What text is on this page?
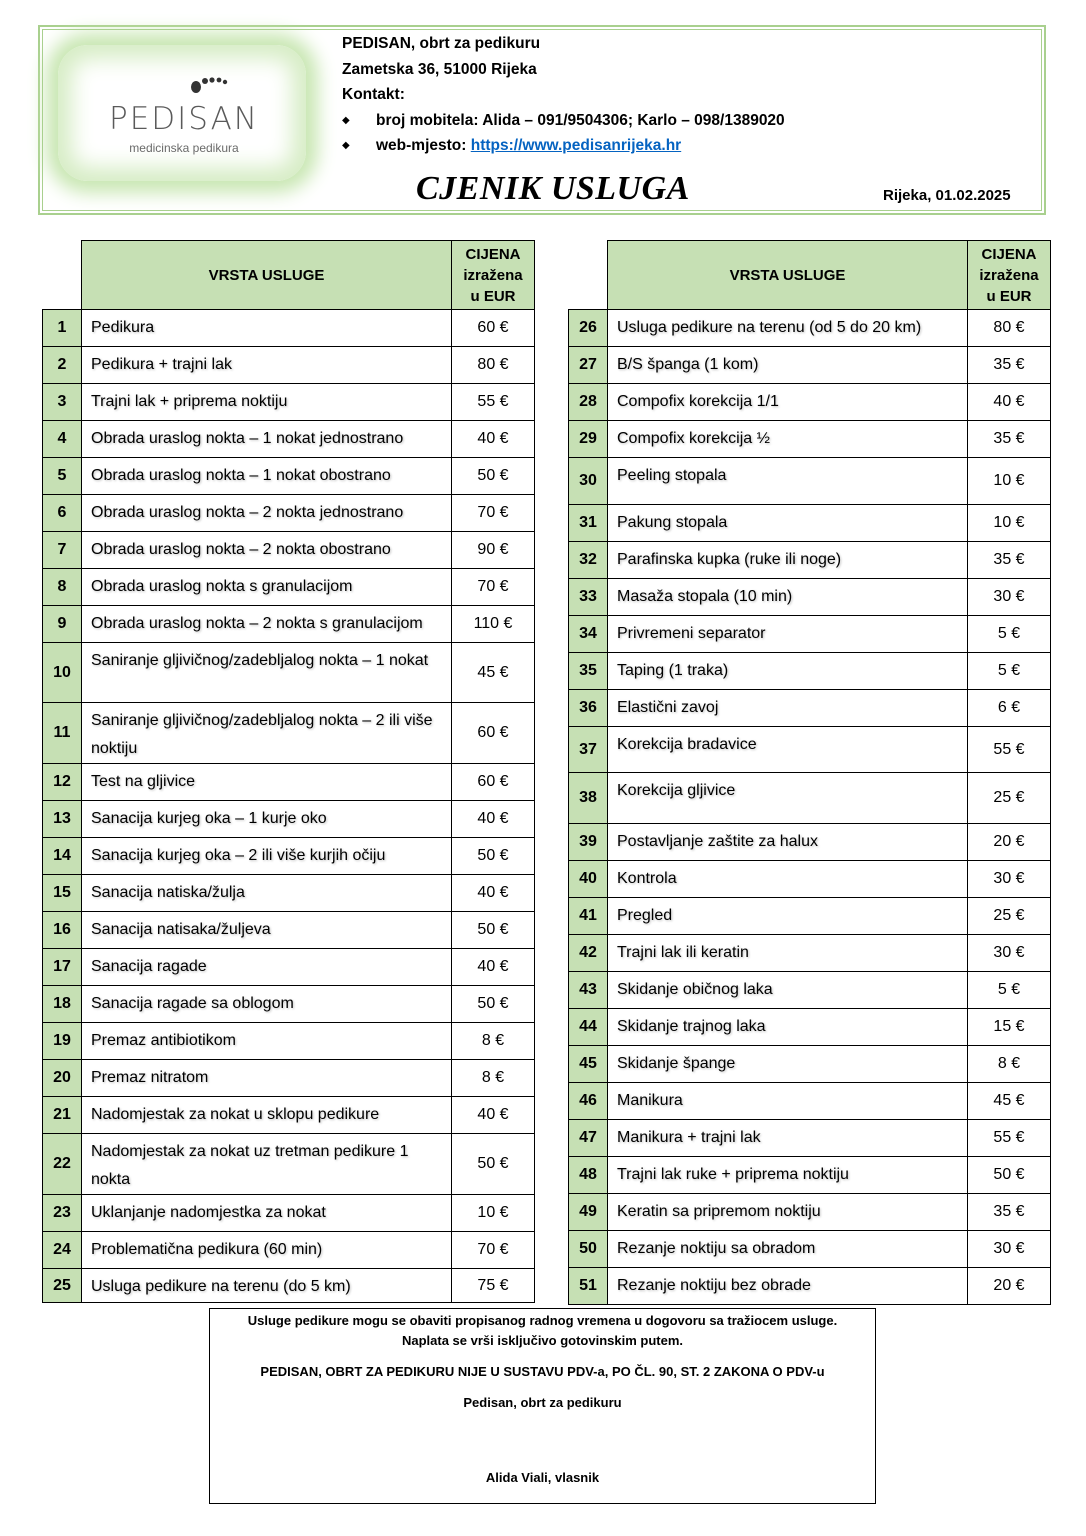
PEDISAN
medicinska pedikura
PEDISAN, obrt za pedikuru
Zametska 36, 51000 Rijeka
Kontakt:
◆	broj mobitela: Alida – 091/9504306; Karlo – 098/1389020
◆	web-mjesto:
https://www.pedisanrijeka.hr
CJENIK USLUGA	Rijeka, 01.02.2025
	VRSTA USLUGE	CIJENA
izražena
u EUR

1	Pedikura	60 €
2	Pedikura + trajni lak	80 €
3	Trajni lak + priprema noktiju	55 €
4	Obrada uraslog nokta – 1 nokat jednostrano	40 €
5	Obrada uraslog nokta – 1 nokat obostrano	50 €
6	Obrada uraslog nokta – 2 nokta jednostrano	70 €
7	Obrada uraslog nokta – 2 nokta obostrano	90 €
8	Obrada uraslog nokta s granulacijom	70 €
9	Obrada uraslog nokta – 2 nokta s granulacijom	110 €
10	Saniranje gljivičnog/zadebljalog nokta – 1 nokat	45 €
11	Saniranje gljivičnog/zadebljalog nokta – 2 ili više noktiju	60 €
12	Test na gljivice	60 €
13	Sanacija kurjeg oka – 1 kurje oko	40 €
14	Sanacija kurjeg oka – 2 ili više kurjih očiju	50 €
15	Sanacija natiska/žulja	40 €
16	Sanacija natisaka/žuljeva	50 €
17	Sanacija ragade	40 €
18	Sanacija ragade sa oblogom	50 €
19	Premaz antibiotikom	8 €
20	Premaz nitratom	8 €
21	Nadomjestak za nokat u sklopu pedikure	40 €
22	Nadomjestak za nokat uz tretman pedikure 1 nokta	50 €
23	Uklanjanje nadomjestka za nokat	10 €
24	Problematična pedikura (60 min)	70 €
25	Usluga pedikure na terenu (do 5 km)	75 €
	VRSTA USLUGE	CIJENA
izražena
u EUR

26	Usluga pedikure na terenu (od 5 do 20 km)	80 €
27	B/S španga (1 kom)	35 €
28	Compofix korekcija 1/1	40 €
29	Compofix korekcija ½	35 €
30	Peeling stopala	10 €
31	Pakung stopala	10 €
32	Parafinska kupka (ruke ili noge)	35 €
33	Masaža stopala (10 min)	30 €
34	Privremeni separator	5 €
35	Taping (1 traka)	5 €
36	Elastični zavoj	6 €
37	Korekcija bradavice	55 €
38	Korekcija gljivice	25 €
39	Postavljanje zaštite za halux	20 €
40	Kontrola	30 €
41	Pregled	25 €
42	Trajni lak ili keratin	30 €
43	Skidanje običnog laka	5 €
44	Skidanje trajnog laka	15 €
45	Skidanje špange	8 €
46	Manikura	45 €
47	Manikura + trajni lak	55 €
48	Trajni lak ruke + priprema noktiju	50 €
49	Keratin sa pripremom noktiju	35 €
50	Rezanje noktiju sa obradom	30 €
51	Rezanje noktiju bez obrade	20 €

Usluge pedikure mogu se obaviti propisanog radnog vremena u dogovoru sa tražiocem usluge.

Naplata se vrši isključivo gotovinskim putem.

PEDISAN, OBRT ZA PEDIKURU NIJE U SUSTAVU PDV-a, PO ČL. 90, ST. 2 ZAKONA O PDV-u

Pedisan, obrt za pedikuru

Alida Viali, vlasnik
